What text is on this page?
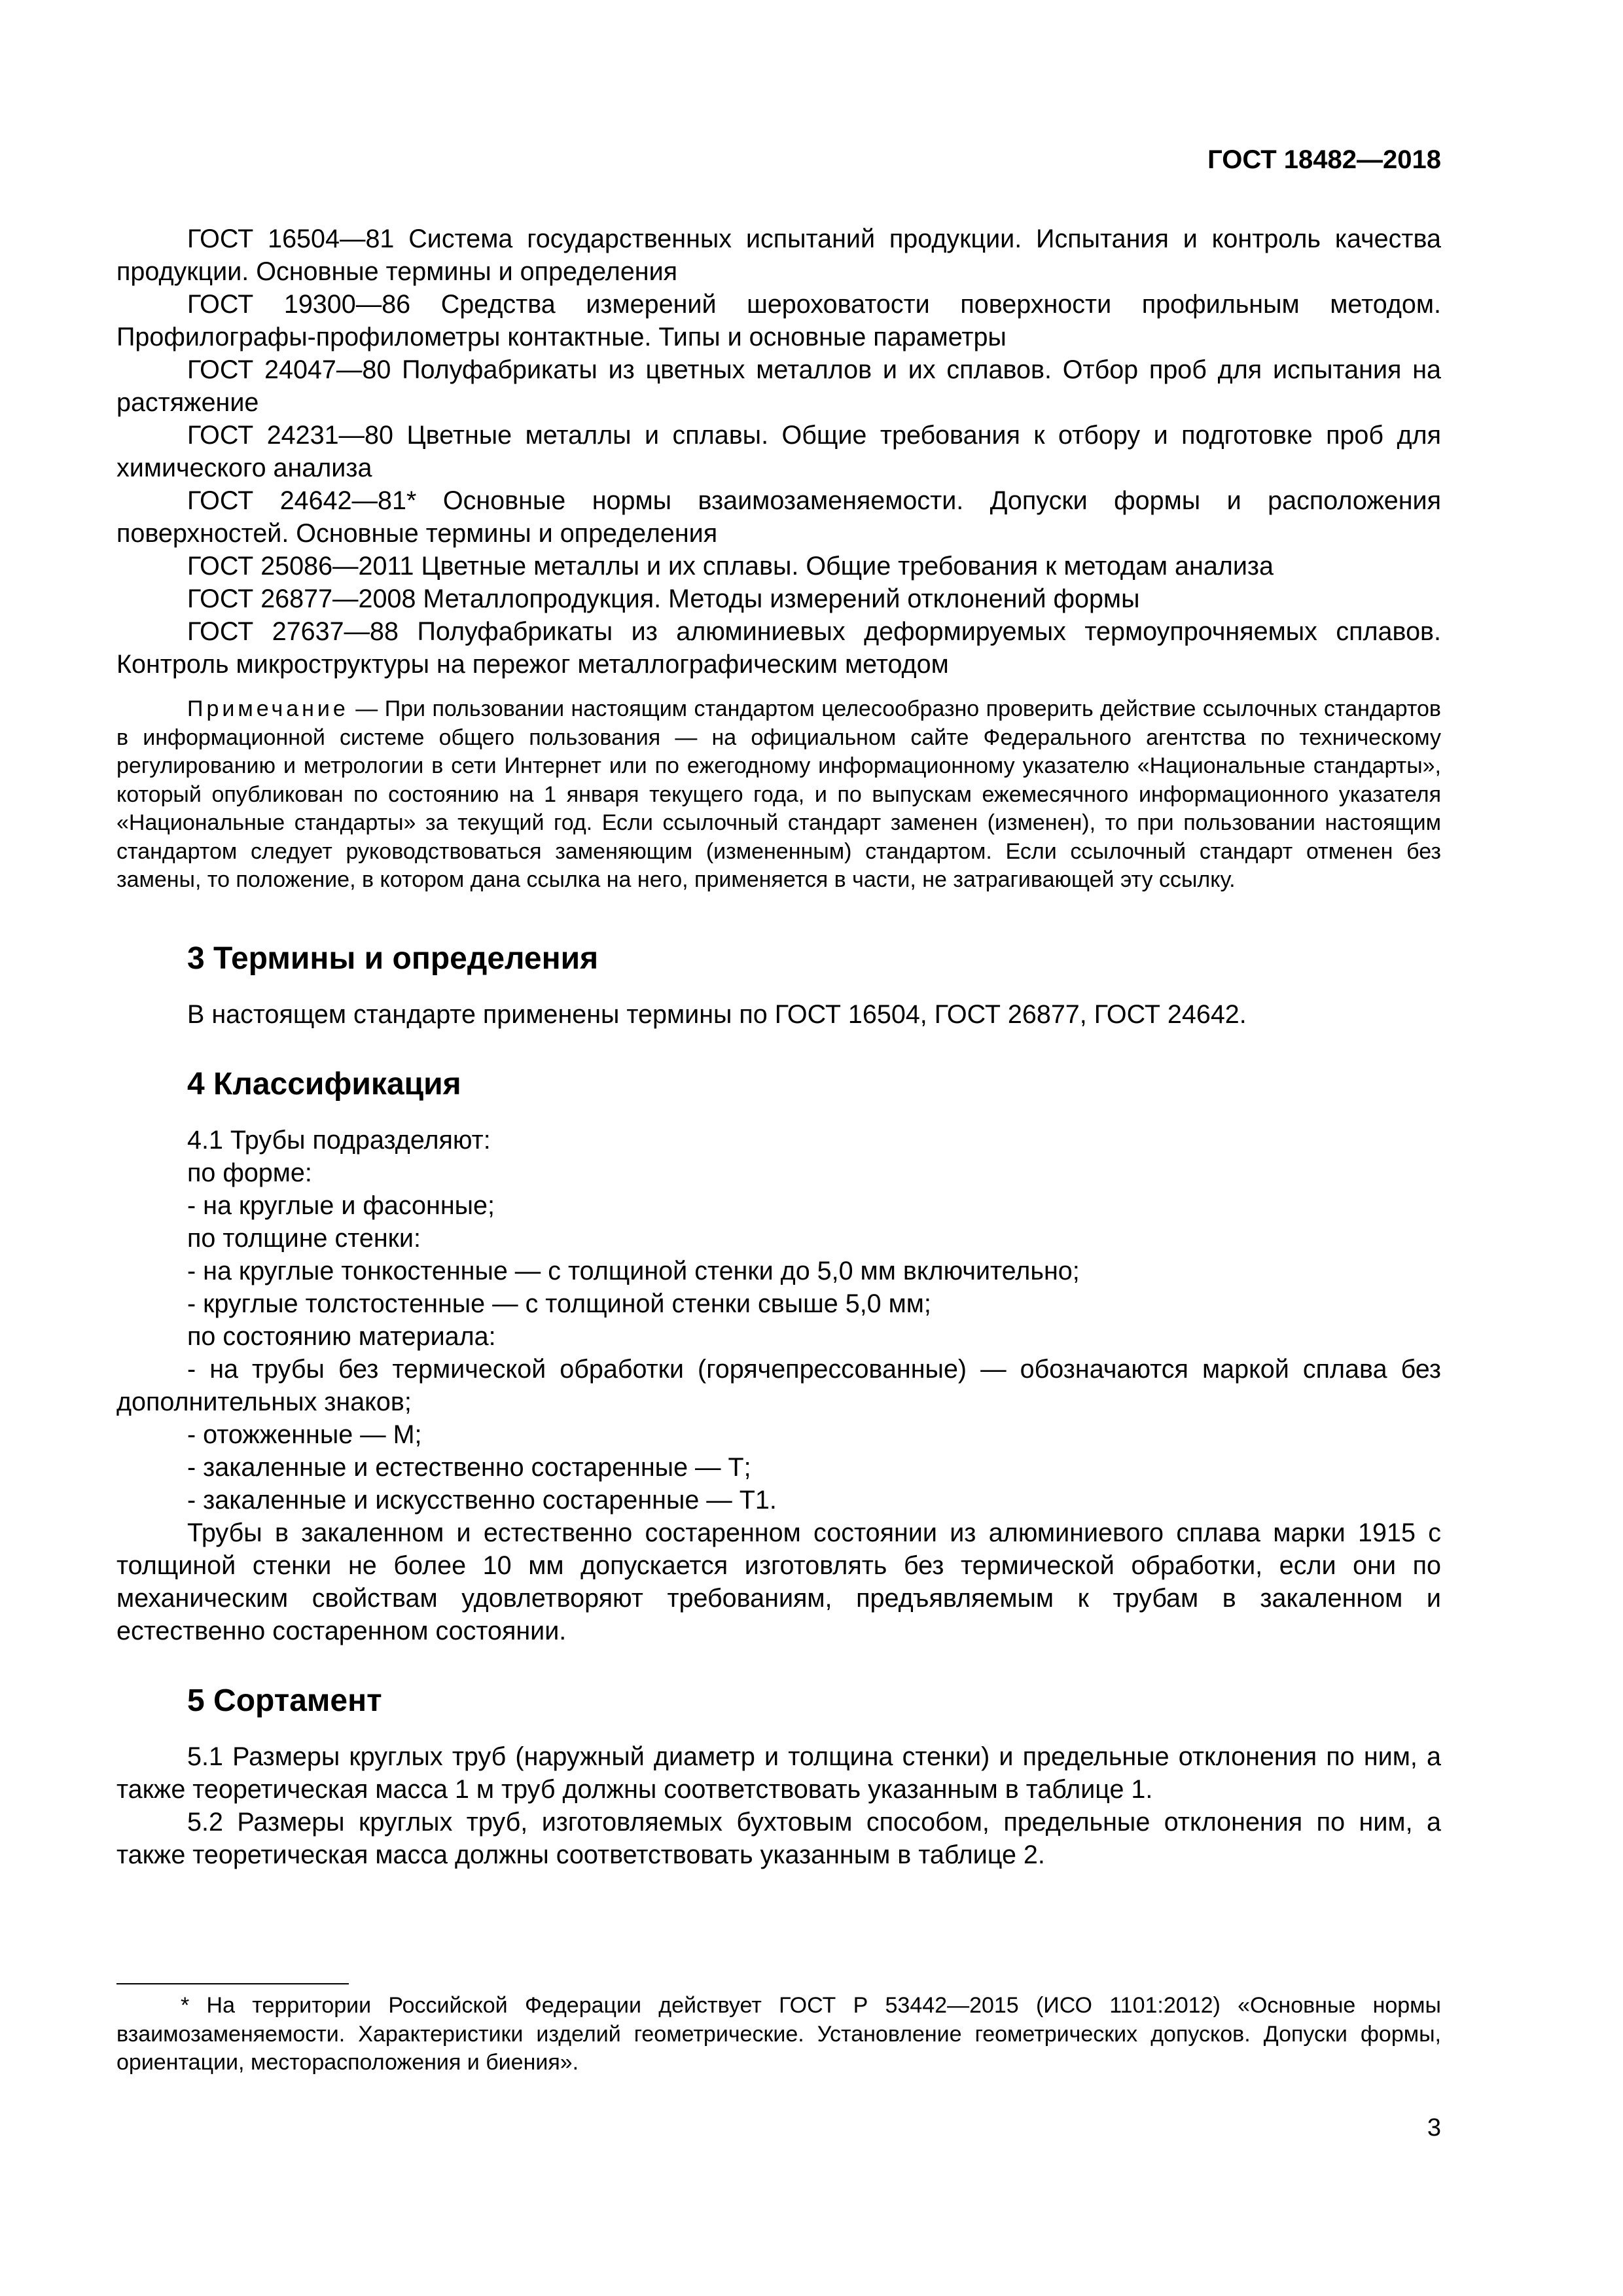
ГОСТ 18482—2018

ГОСТ 16504—81 Система государственных испытаний продукции. Испытания и контроль качества продукции. Основные термины и определения

ГОСТ 19300—86 Средства измерений шероховатости поверхности профильным методом. Профилографы-профилометры контактные. Типы и основные параметры

ГОСТ 24047—80 Полуфабрикаты из цветных металлов и их сплавов. Отбор проб для испытания на растяжение

ГОСТ 24231—80 Цветные металлы и сплавы. Общие требования к отбору и подготовке проб для химического анализа

ГОСТ 24642—81* Основные нормы взаимозаменяемости. Допуски формы и расположения поверхностей. Основные термины и определения

ГОСТ 25086—2011 Цветные металлы и их сплавы. Общие требования к методам анализа

ГОСТ 26877—2008 Металлопродукция. Методы измерений отклонений формы

ГОСТ 27637—88 Полуфабрикаты из алюминиевых деформируемых термоупрочняемых сплавов. Контроль микроструктуры на пережог металлографическим методом

Примечание — При пользовании настоящим стандартом целесообразно проверить действие ссылочных стандартов в информационной системе общего пользования — на официальном сайте Федерального агентства по техническому регулированию и метрологии в сети Интернет или по ежегодному информационному указателю «Национальные стандарты», который опубликован по состоянию на 1 января текущего года, и по выпускам ежемесячного информационного указателя «Национальные стандарты» за текущий год. Если ссылочный стандарт заменен (изменен), то при пользовании настоящим стандартом следует руководствоваться заменяющим (измененным) стандартом. Если ссылочный стандарт отменен без замены, то положение, в котором дана ссылка на него, применяется в части, не затрагивающей эту ссылку.
3 Термины и определения

В настоящем стандарте применены термины по ГОСТ 16504, ГОСТ 26877, ГОСТ 24642.

4 Классификация

4.1 Трубы подразделяют:

по форме:

- на круглые и фасонные;

по толщине стенки:

- на круглые тонкостенные — с толщиной стенки до 5,0 мм включительно;

- круглые толстостенные — с толщиной стенки свыше 5,0 мм;

по состоянию материала:

- на трубы без термической обработки (горячепрессованные) — обозначаются маркой сплава без дополнительных знаков;

- отожженные — М;

- закаленные и естественно состаренные — Т;

- закаленные и искусственно состаренные — Т1.

Трубы в закаленном и естественно состаренном состоянии из алюминиевого сплава марки 1915 с толщиной стенки не более 10 мм допускается изготовлять без термической обработки, если они по механическим свойствам удовлетворяют требованиям, предъявляемым к трубам в закаленном и естественно состаренном состоянии.

5 Сортамент

5.1 Размеры круглых труб (наружный диаметр и толщина стенки) и предельные отклонения по ним, а также теоретическая масса 1 м труб должны соответствовать указанным в таблице 1.

5.2 Размеры круглых труб, изготовляемых бухтовым способом, предельные отклонения по ним, а также теоретическая масса должны соответствовать указанным в таблице 2.

* На территории Российской Федерации действует ГОСТ Р 53442—2015 (ИСО 1101:2012) «Основные нормы взаимозаменяемости. Характеристики изделий геометрические. Установление геометрических допусков. Допуски формы, ориентации, месторасположения и биения».

3
